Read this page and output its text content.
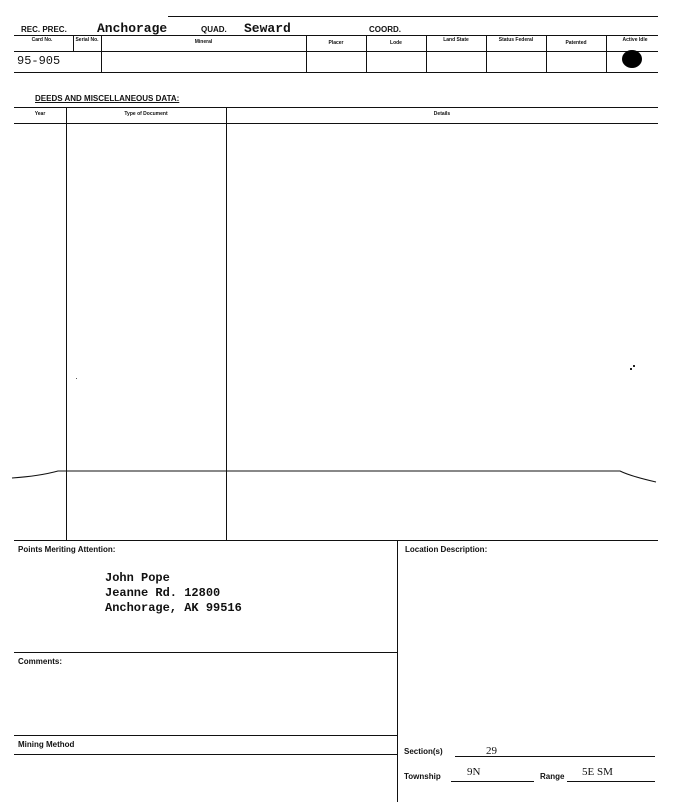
REC. PREC. Anchorage	QUAD. Seward	COORD.
Card No.	Serial No.	Mineral	Placer	Lode	Land State	Status Federal	Patented	Active Idle
95-905
DEEDS AND MISCELLANEOUS DATA:
Year	Type of Document	Details
Points Meriting Attention:
John Pope
Jeanne Rd. 12800
Anchorage, AK 99516
Comments:
Mining Method
Location Description:
Section(s)	29
Township 9N	Range 5E SM
